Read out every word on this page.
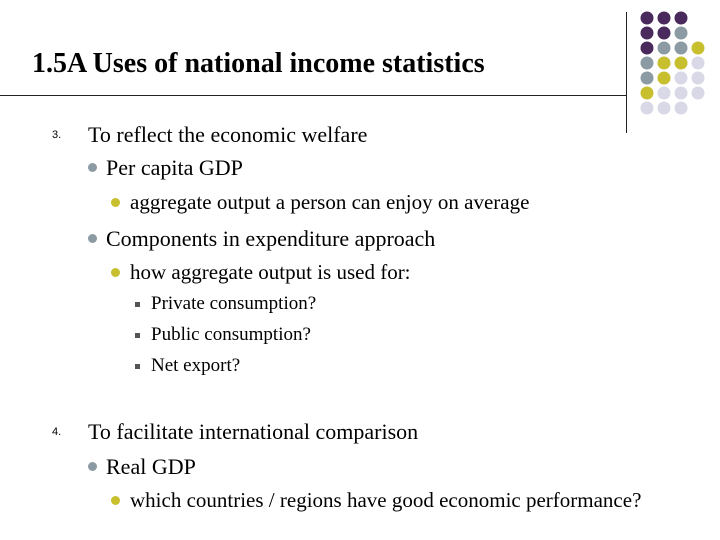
1.5A Uses of national income statistics
3. To reflect the economic welfare
Per capita GDP
aggregate output a person can enjoy on average
Components in expenditure approach
how aggregate output is used for:
Private consumption?
Public consumption?
Net export?
4. To facilitate international comparison
Real GDP
which countries / regions have good economic performance?
